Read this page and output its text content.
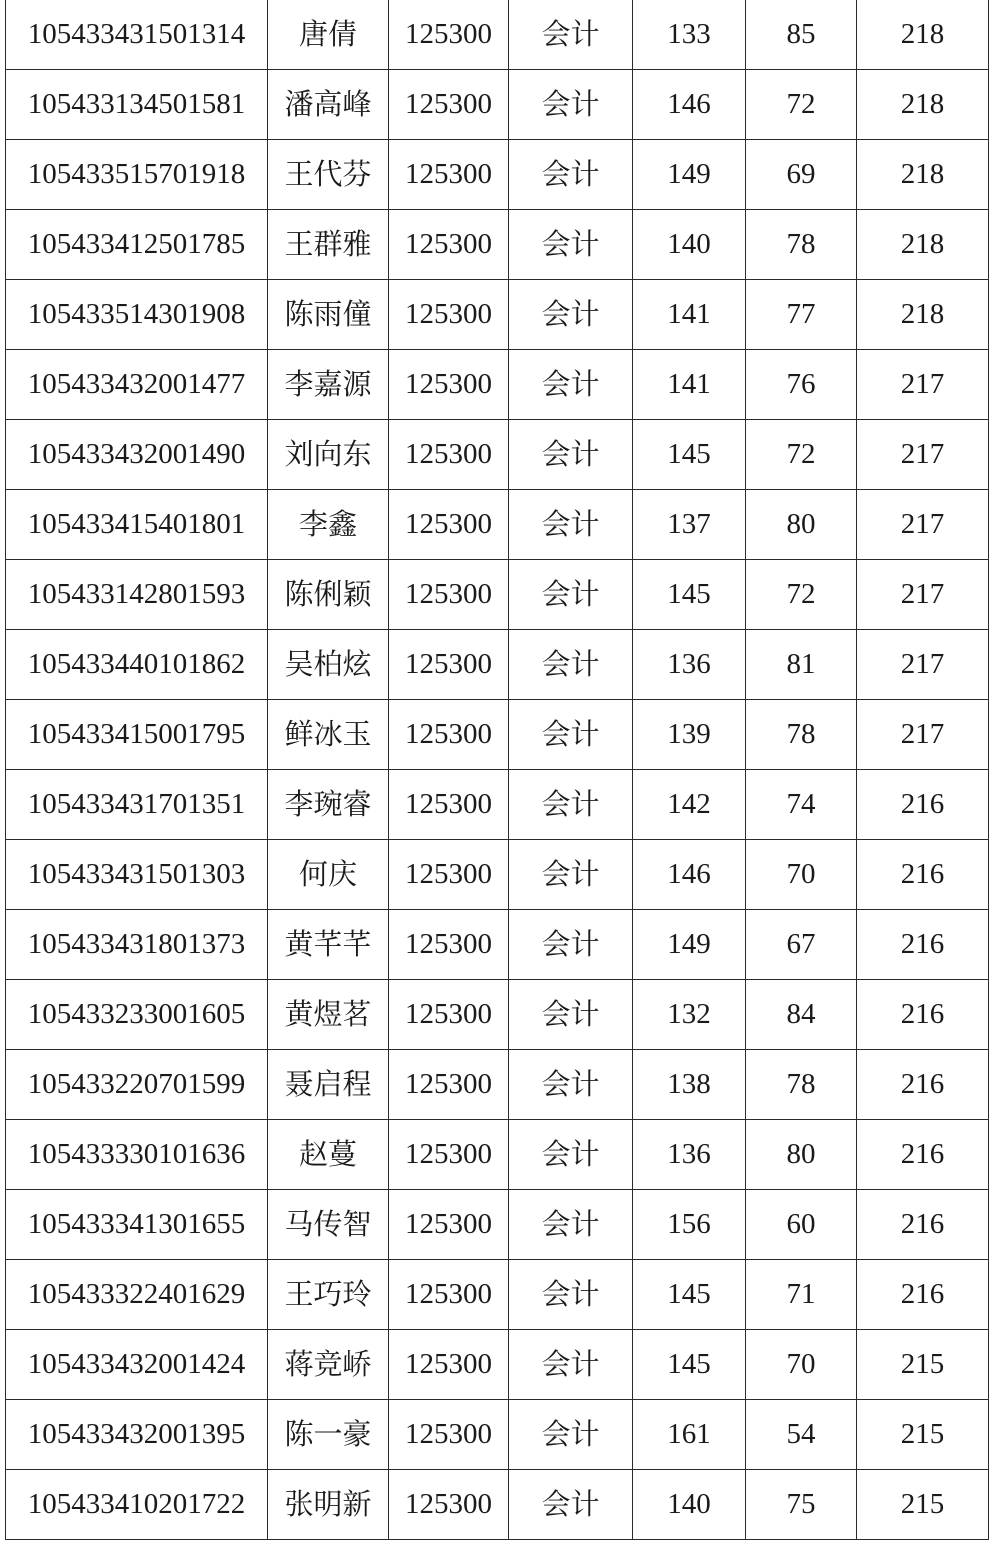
105433431501314	唐倩	125300	会计	133	85	218
105433134501581	潘高峰	125300	会计	146	72	218
105433515701918	王代芬	125300	会计	149	69	218
105433412501785	王群雅	125300	会计	140	78	218
105433514301908	陈雨僮	125300	会计	141	77	218
105433432001477	李嘉源	125300	会计	141	76	217
105433432001490	刘向东	125300	会计	145	72	217
105433415401801	李鑫	125300	会计	137	80	217
105433142801593	陈俐颖	125300	会计	145	72	217
105433440101862	吴柏炫	125300	会计	136	81	217
105433415001795	鲜冰玉	125300	会计	139	78	217
105433431701351	李琬睿	125300	会计	142	74	216
105433431501303	何庆	125300	会计	146	70	216
105433431801373	黄芊芊	125300	会计	149	67	216
105433233001605	黄煜茗	125300	会计	132	84	216
105433220701599	聂启程	125300	会计	138	78	216
105433330101636	赵蔓	125300	会计	136	80	216
105433341301655	马传智	125300	会计	156	60	216
105433322401629	王巧玲	125300	会计	145	71	216
105433432001424	蒋竞峤	125300	会计	145	70	215
105433432001395	陈一豪	125300	会计	161	54	215
105433410201722	张明新	125300	会计	140	75	215
